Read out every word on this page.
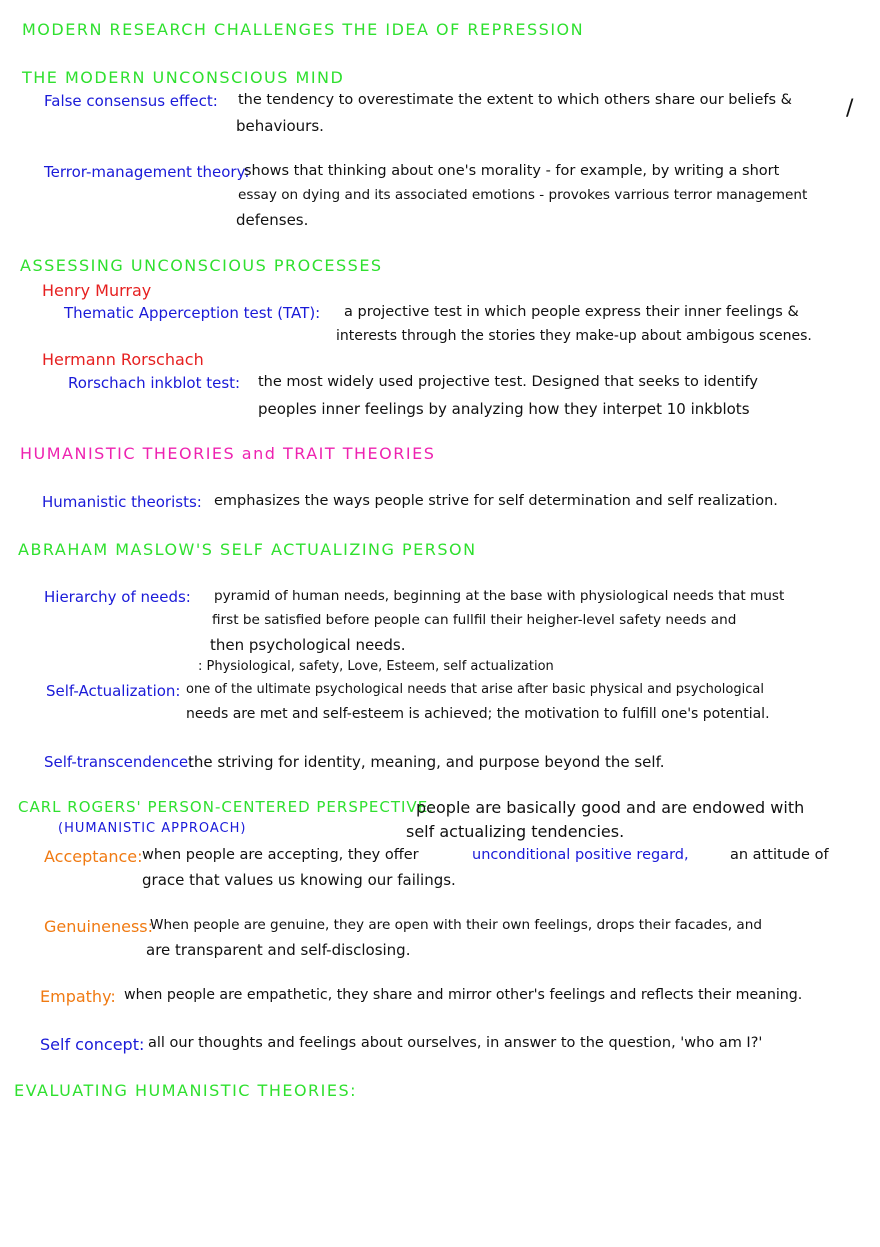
MODERN RESEARCH CHALLENGES THE IDEA OF REPRESSION
THE MODERN UNCONSCIOUS MIND
False consensus effect: the tendency to overestimate the extent to which others share our beliefs & /
behaviours.
Terror-management theory:
shows that thinking about one's morality - for example, by writing a short
essay on dying and its associated emotions - provokes varrious terror management
defenses.
ASSESSING UNCONSCIOUS PROCESSES
Henry Murray
Thematic Apperception test (TAT): a projective test in which people express their inner feelings &
interests through the stories they make-up about ambigous scenes.
Hermann Rorschach
Rorschach inkblot test: the most widely used projective test. Designed that seeks to identify
peoples inner feelings by analyzing how they interpet 10 inkblots
HUMANISTIC THEORIES and TRAIT THEORIES
Humanistic theorists: emphasizes the ways people strive for self determination and self realization.
ABRAHAM MASLOW'S SELF ACTUALIZING PERSON
Hierarchy of needs: pyramid of human needs, beginning at the base with physiological needs that must
first be satisfied before people can fullfil their heigher-level safety needs and
then psychological needs.
: Physiological, safety, Love, Esteem, self actualization
Self-Actualization: one of the ultimate psychological needs that arise after basic physical and psychological
needs are met and self-esteem is achieved; the motivation to fulfill one's potential.
Self-transcendence:
the striving for identity, meaning, and purpose beyond the self.
CARL ROGERS' PERSON-CENTERED PERSPECTIVE:
(HUMANISTIC APPROACH)
people are basically good and are endowed with
self actualizing tendencies.
Acceptance: when people are accepting, they offer	unconditional positive regard,	an attitude of
grace that values us knowing our failings.
Genuineness:
When people are genuine, they are open with their own feelings, drops their facades, and
are transparent and self-disclosing.
Empathy: when people are empathetic, they share and mirror other's feelings and reflects their meaning.
Self concept: all our thoughts and feelings about ourselves, in answer to the question, 'who am I?'
EVALUATING HUMANISTIC THEORIES:
